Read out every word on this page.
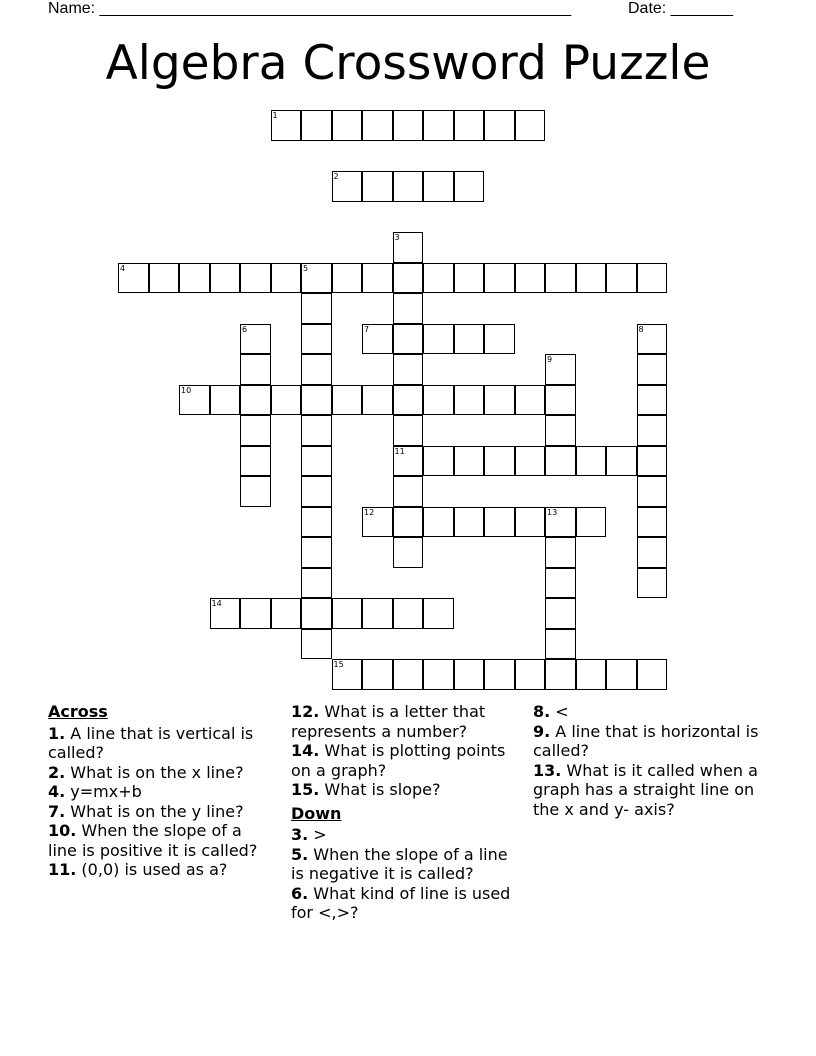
Name: _____________________________________________________	Date: _______
Algebra Crossword Puzzle
1
2
3
11
4	5
6	7	8
9
10
12	13
14
15
Across
1. A line that is vertical is called?
2. What is on the x line?
4. y=mx+b
7. What is on the y line?
10. When the slope of a line is positive it is called?
11. (0,0) is used as a?
12. What is a letter that represents a number?
14. What is plotting points on a graph?
15. What is slope?
Down
3. >
5. When the slope of a line is negative it is called?
6. What kind of line is used for <,>?
8. <
9. A line that is horizontal is called?
13. What is it called when a graph has a straight line on the x and y- axis?
